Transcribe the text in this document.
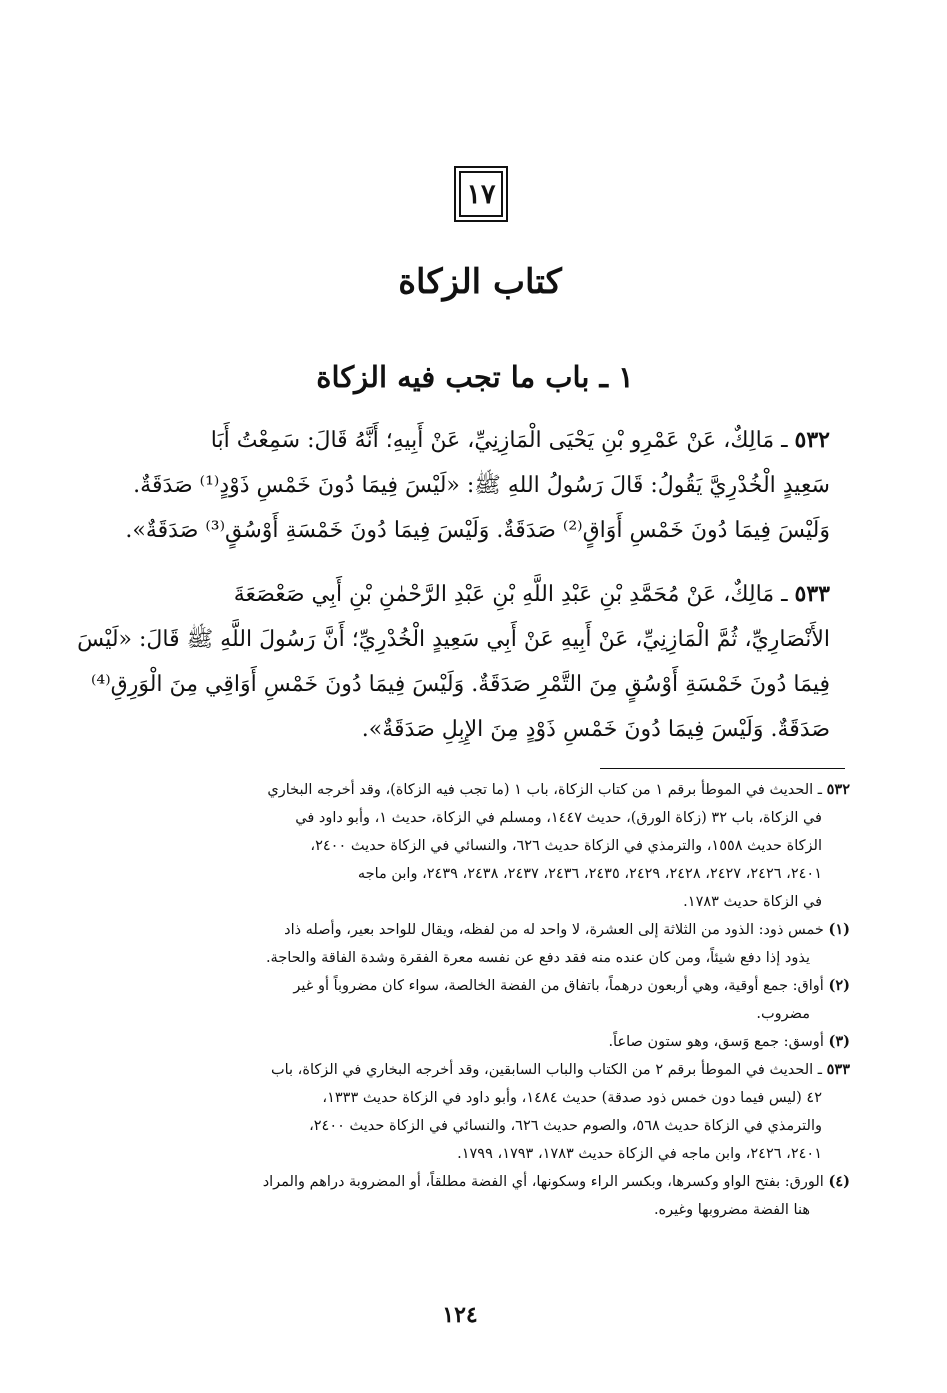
١٧
كتاب الزكاة
١ ـ باب ما تجب فيه الزكاة
٥٣٢ ـ مَالِكٌ، عَنْ عَمْرِو بْنِ يَحْيَى الْمَازِنِيِّ، عَنْ أَبِيهِ؛ أَنَّهُ قَالَ: سَمِعْتُ أَبَا
سَعِيدٍ الْخُدْرِيَّ يَقُولُ: قَالَ رَسُولُ اللهِ ﷺ: «لَيْسَ فِيمَا دُونَ خَمْسِ ذَوْدٍ⁽¹⁾ صَدَقَةٌ.
وَلَيْسَ فِيمَا دُونَ خَمْسِ أَوَاقٍ⁽²⁾ صَدَقَةٌ. وَلَيْسَ فِيمَا دُونَ خَمْسَةِ أَوْسُقٍ⁽³⁾ صَدَقَةٌ».
٥٣٣ ـ مَالِكٌ، عَنْ مُحَمَّدِ بْنِ عَبْدِ اللَّهِ بْنِ عَبْدِ الرَّحْمٰنِ بْنِ أَبِي صَعْصَعَةَ
الأَنْصَارِيِّ، ثُمَّ الْمَازِنِيِّ، عَنْ أَبِيهِ عَنْ أَبِي سَعِيدٍ الْخُدْرِيِّ؛ أَنَّ رَسُولَ اللَّهِ ﷺ قَالَ: «لَيْسَ
فِيمَا دُونَ خَمْسَةِ أَوْسُقٍ مِنَ التَّمْرِ صَدَقَةٌ. وَلَيْسَ فِيمَا دُونَ خَمْسِ أَوَاقِي مِنَ الْوَرِقِ⁽⁴⁾
صَدَقَةٌ. وَلَيْسَ فِيمَا دُونَ خَمْسِ ذَوْدٍ مِنَ الإِبِلِ صَدَقَةٌ».
٥٣٢ ـ الحديث في الموطأ برقم ١ من كتاب الزكاة، باب ١ (ما تجب فيه الزكاة)، وقد أخرجه البخاري
في الزكاة، باب ٣٢ (زكاة الورق)، حديث ١٤٤٧، ومسلم في الزكاة، حديث ١، وأبو داود في
الزكاة حديث ١٥٥٨، والترمذي في الزكاة حديث ٦٢٦، والنسائي في الزكاة حديث ٢٤٠٠،
٢٤٠١، ٢٤٢٦، ٢٤٢٧، ٢٤٢٨، ٢٤٢٩، ٢٤٣٥، ٢٤٣٦، ٢٤٣٧، ٢٤٣٨، ٢٤٣٩، وابن ماجه
في الزكاة حديث ١٧٨٣.
(١) خمس ذود: الذود من الثلاثة إلى العشرة، لا واحد له من لفظه، ويقال للواحد بعير، وأصله ذاد
يذود إذا دفع شيئاً، ومن كان عنده منه فقد دفع عن نفسه معرة الفقرة وشدة الفاقة والحاجة.
(٢) أواق: جمع أوقية، وهي أربعون درهماً، باتفاق من الفضة الخالصة، سواء كان مضروباً أو غير
مضروب.
(٣) أوسق: جمع وَسق، وهو ستون صاعاً.
٥٣٣ ـ الحديث في الموطأ برقم ٢ من الكتاب والباب السابقين، وقد أخرجه البخاري في الزكاة، باب
٤٢ (ليس فيما دون خمس ذود صدقة) حديث ١٤٨٤، وأبو داود في الزكاة حديث ١٣٣٣،
والترمذي في الزكاة حديث ٥٦٨، والصوم حديث ٦٢٦، والنسائي في الزكاة حديث ٢٤٠٠،
٢٤٠١، ٢٤٢٦، وابن ماجه في الزكاة حديث ١٧٨٣، ١٧٩٣، ١٧٩٩.
(٤) الورق: بفتح الواو وكسرها، وبكسر الراء وسكونها، أي الفضة مطلقاً، أو المضروبة دراهم والمراد
هنا الفضة مضروبها وغيره.

١٢٤
